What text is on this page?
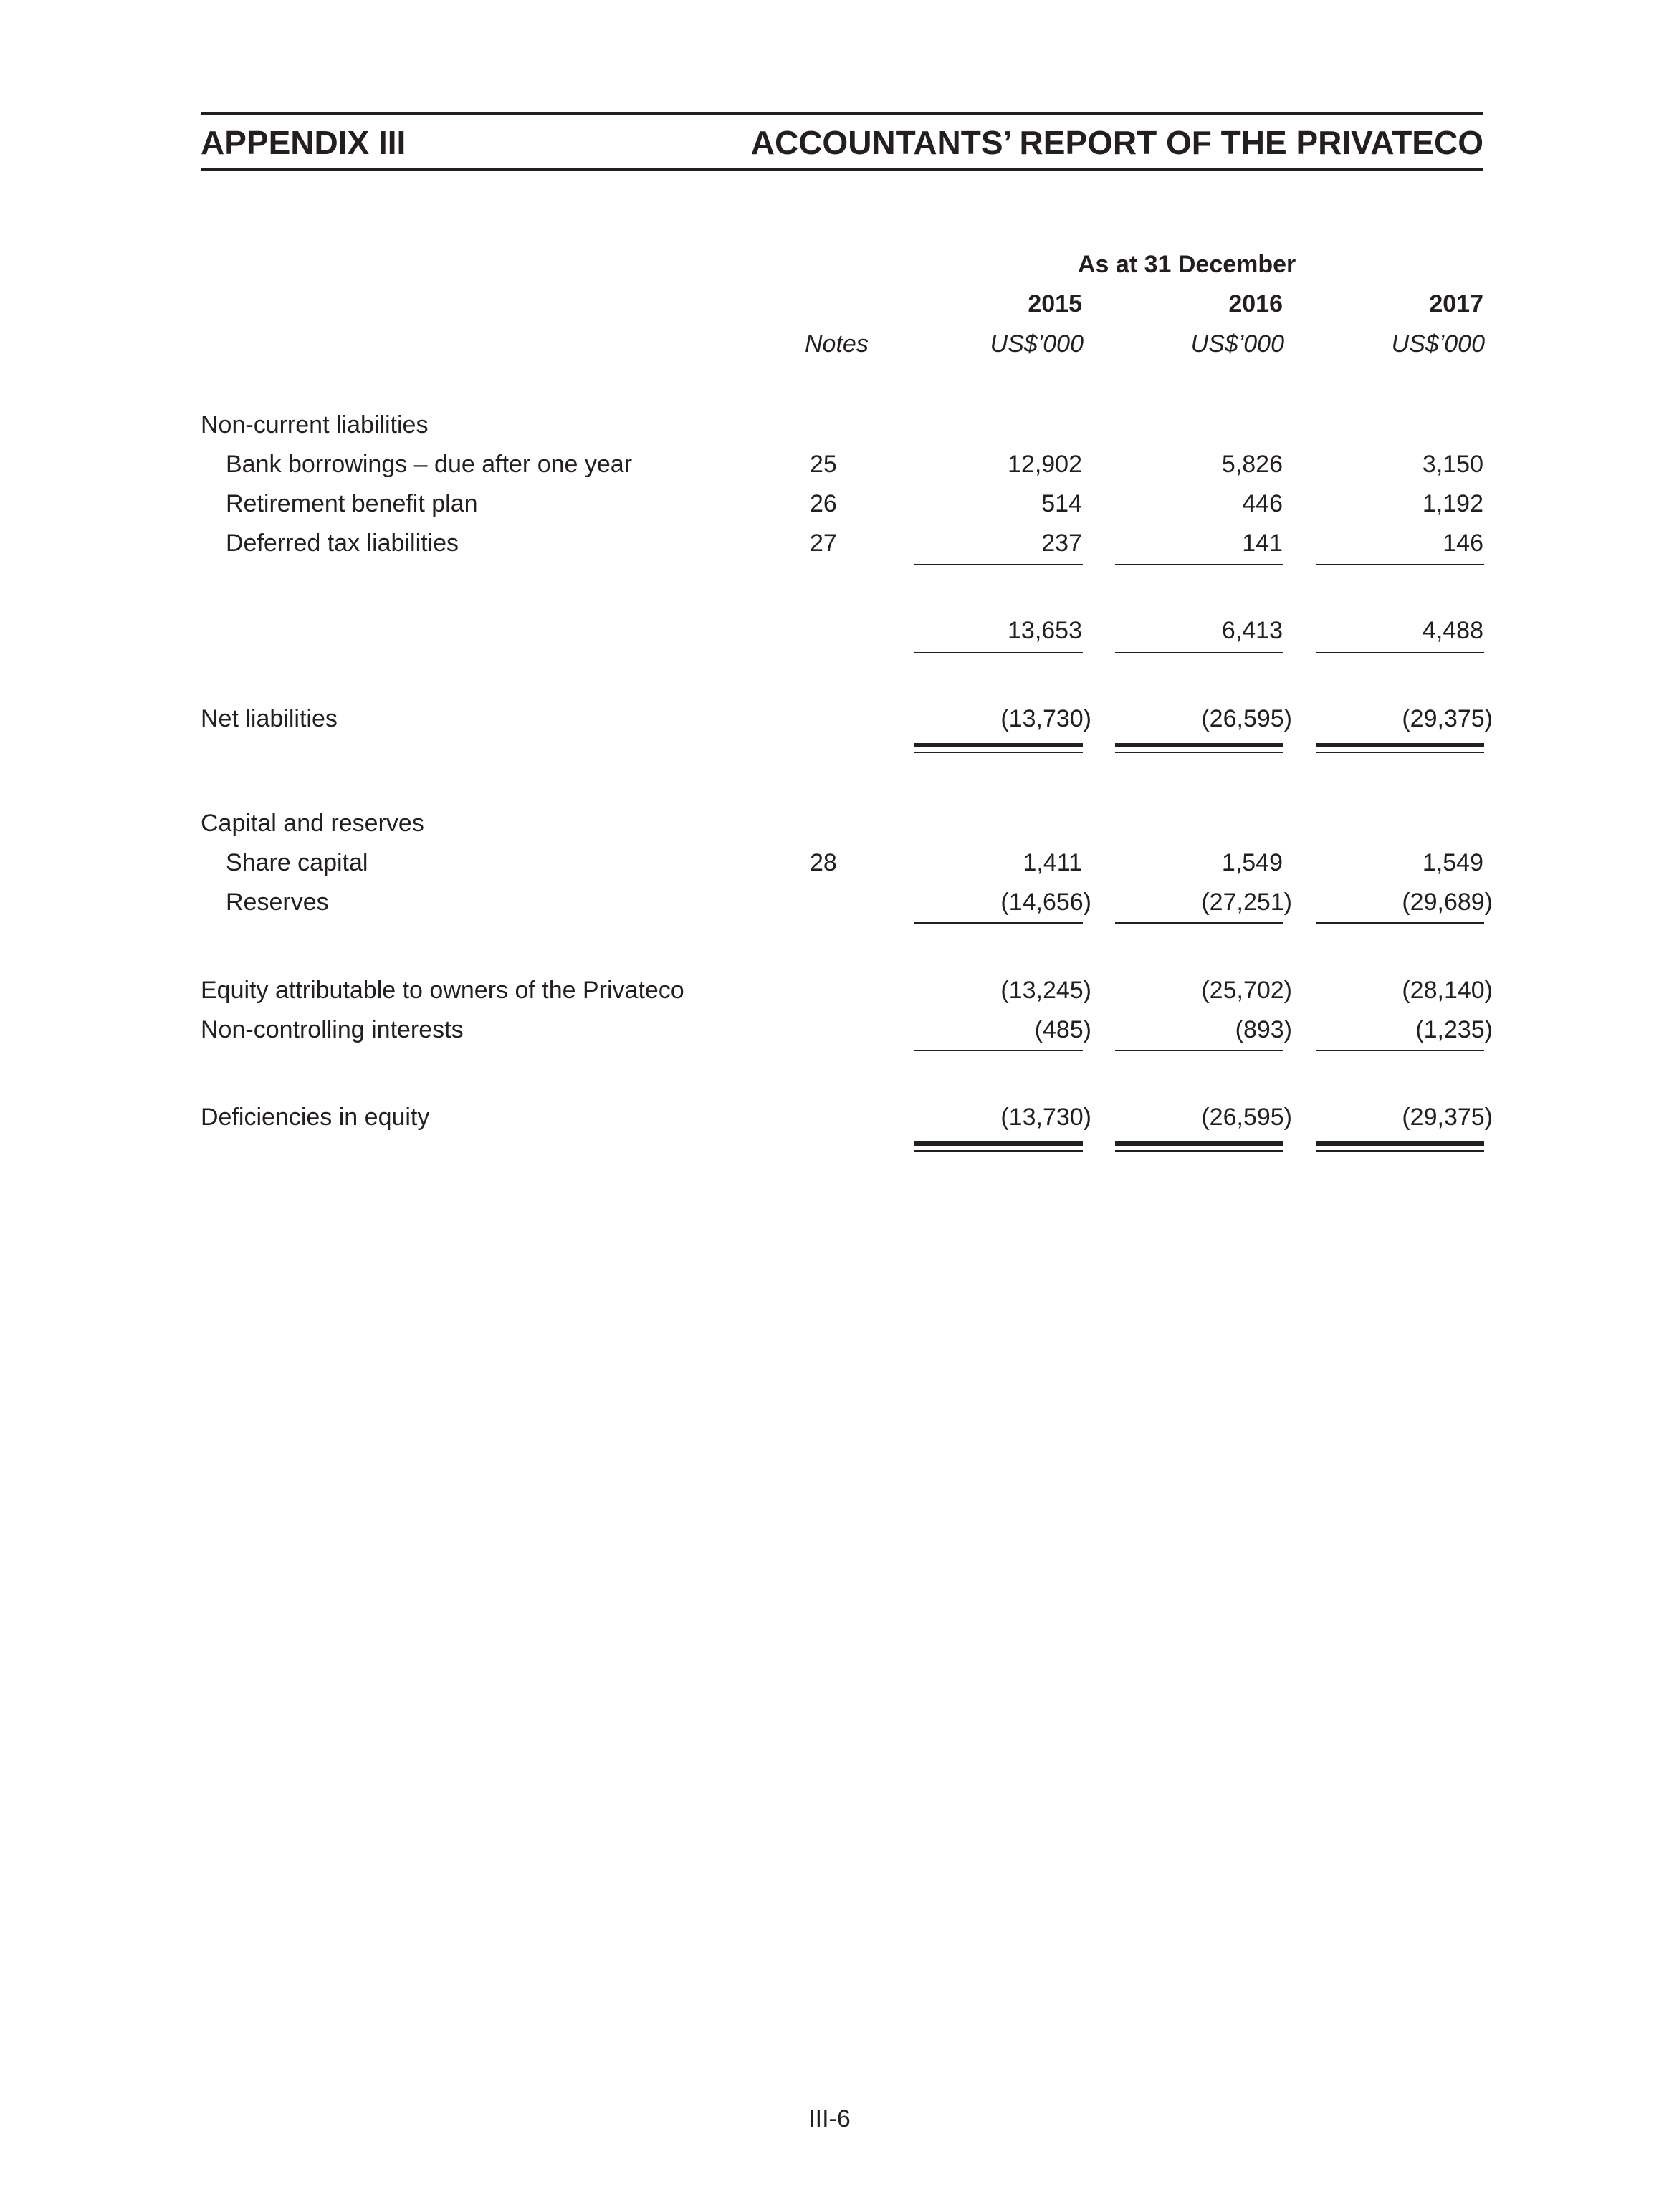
APPENDIX III	ACCOUNTANTS’ REPORT OF THE PRIVATECO
As at 31 December
2015	2016	2017
Notes	US$’000	US$’000	US$’000
Non-current liabilities
Bank borrowings – due after one year	25	12,902	5,826	3,150
Retirement benefit plan	26	514	446	1,192
Deferred tax liabilities	27	237	141	146
13,653	6,413	4,488
Net liabilities	(13,730)	(26,595)	(29,375)
Capital and reserves
Share capital	28	1,411	1,549	1,549
Reserves	(14,656)	(27,251)	(29,689)
Equity attributable to owners of the Privateco	(13,245)	(25,702)	(28,140)
Non-controlling interests	(485)	(893)	(1,235)
Deficiencies in equity	(13,730)	(26,595)	(29,375)
III-6
